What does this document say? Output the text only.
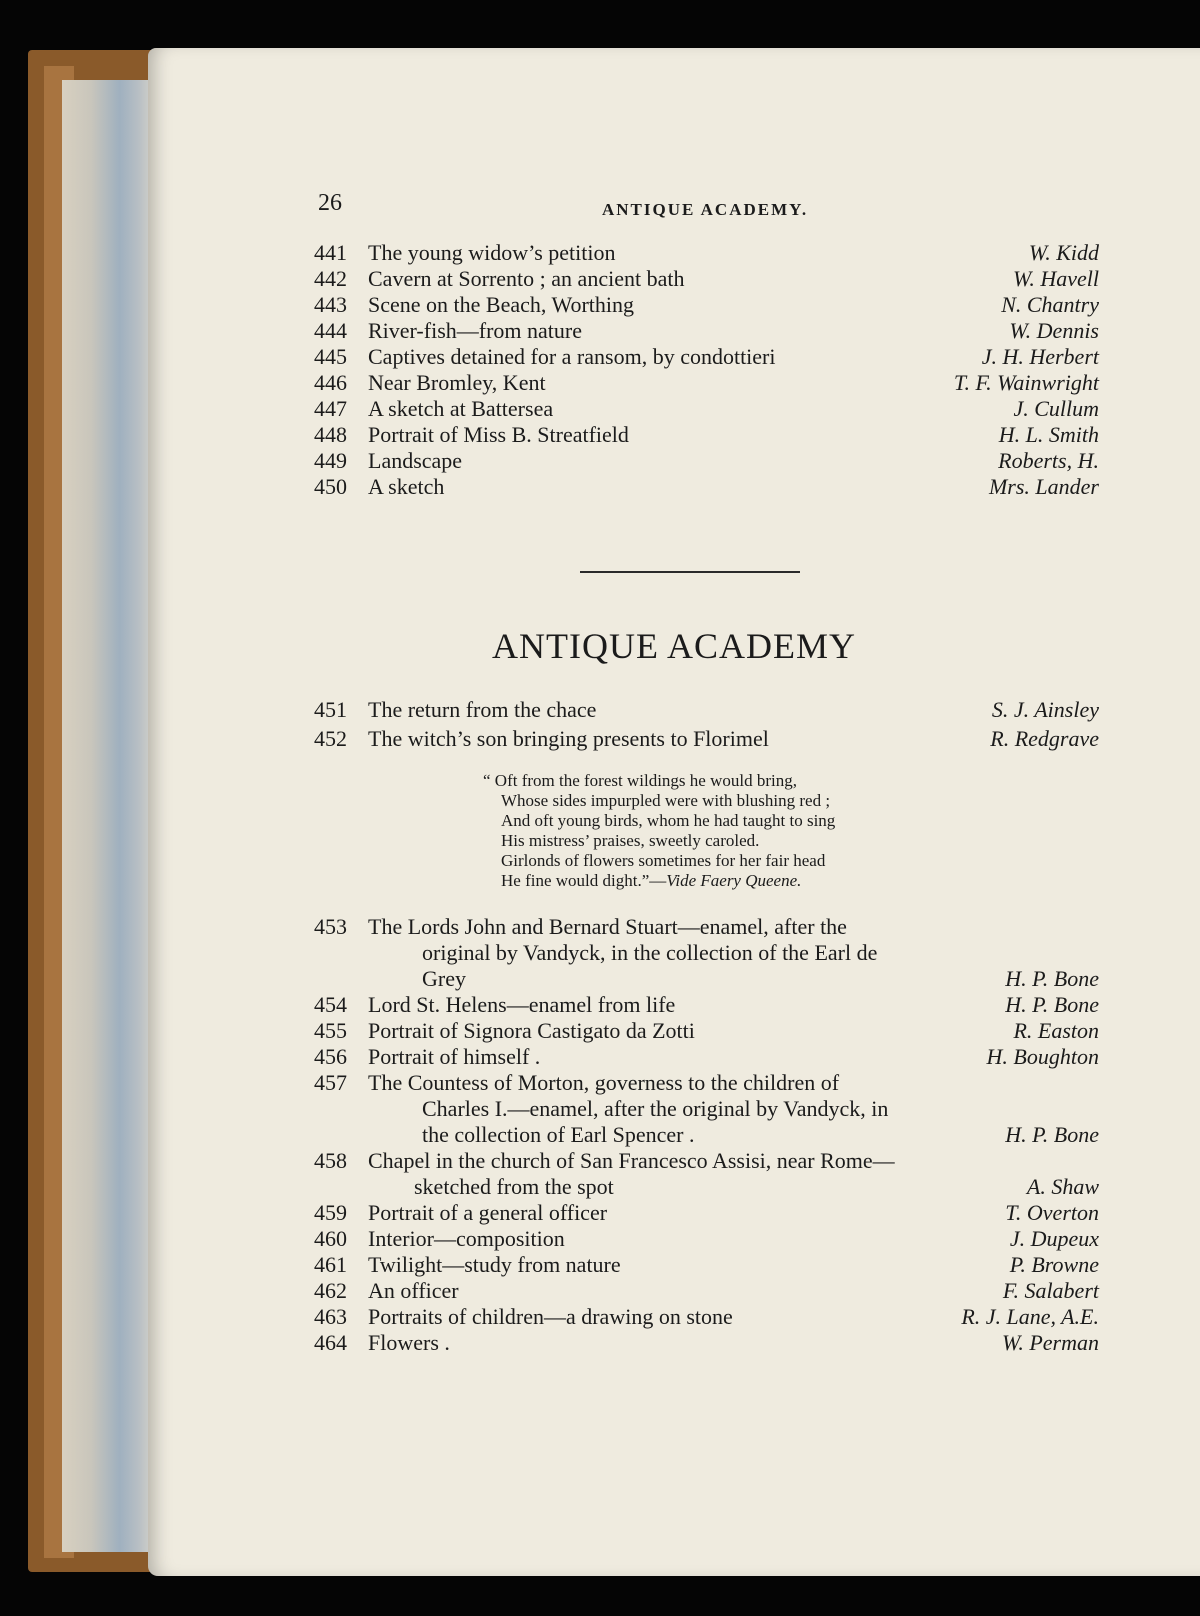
26	ANTIQUE ACADEMY.
441 The young widow’s petition	W. Kidd
442 Cavern at Sorrento ; an ancient bath	W. Havell
443 Scene on the Beach, Worthing	N. Chantry
444 River-fish—from nature	W. Dennis
445 Captives detained for a ransom, by condottieri	J. H. Herbert
446 Near Bromley, Kent	T. F. Wainwright
447 A sketch at Battersea	J. Cullum
448 Portrait of Miss B. Streatfield	H. L. Smith
449 Landscape	Roberts, H.
450 A sketch	Mrs. Lander
ANTIQUE ACADEMY
451 The return from the chace	S. J. Ainsley
452 The witch’s son bringing presents to Florimel	R. Redgrave
“ Oft from the forest wildings he would bring,
Whose sides impurpled were with blushing red ;
And oft young birds, whom he had taught to sing
His mistress’ praises, sweetly caroled.
Girlonds of flowers sometimes for her fair head
He fine would dight.”—Vide Faery Queene.
453 The Lords John and Bernard Stuart—enamel, after the
original by Vandyck, in the collection of the Earl de
Grey	H. P. Bone
454 Lord St. Helens—enamel from life	H. P. Bone
455 Portrait of Signora Castigato da Zotti	R. Easton
456 Portrait of himself .	H. Boughton
457 The Countess of Morton, governess to the children of
Charles I.—enamel, after the original by Vandyck, in
the collection of Earl Spencer .	H. P. Bone
458 Chapel in the church of San Francesco Assisi, near Rome—
sketched from the spot	A. Shaw
459 Portrait of a general officer	T. Overton
460 Interior—composition	J. Dupeux
461 Twilight—study from nature	P. Browne
462 An officer	F. Salabert
463 Portraits of children—a drawing on stone	R. J. Lane, A.E.
464 Flowers .	W. Perman
